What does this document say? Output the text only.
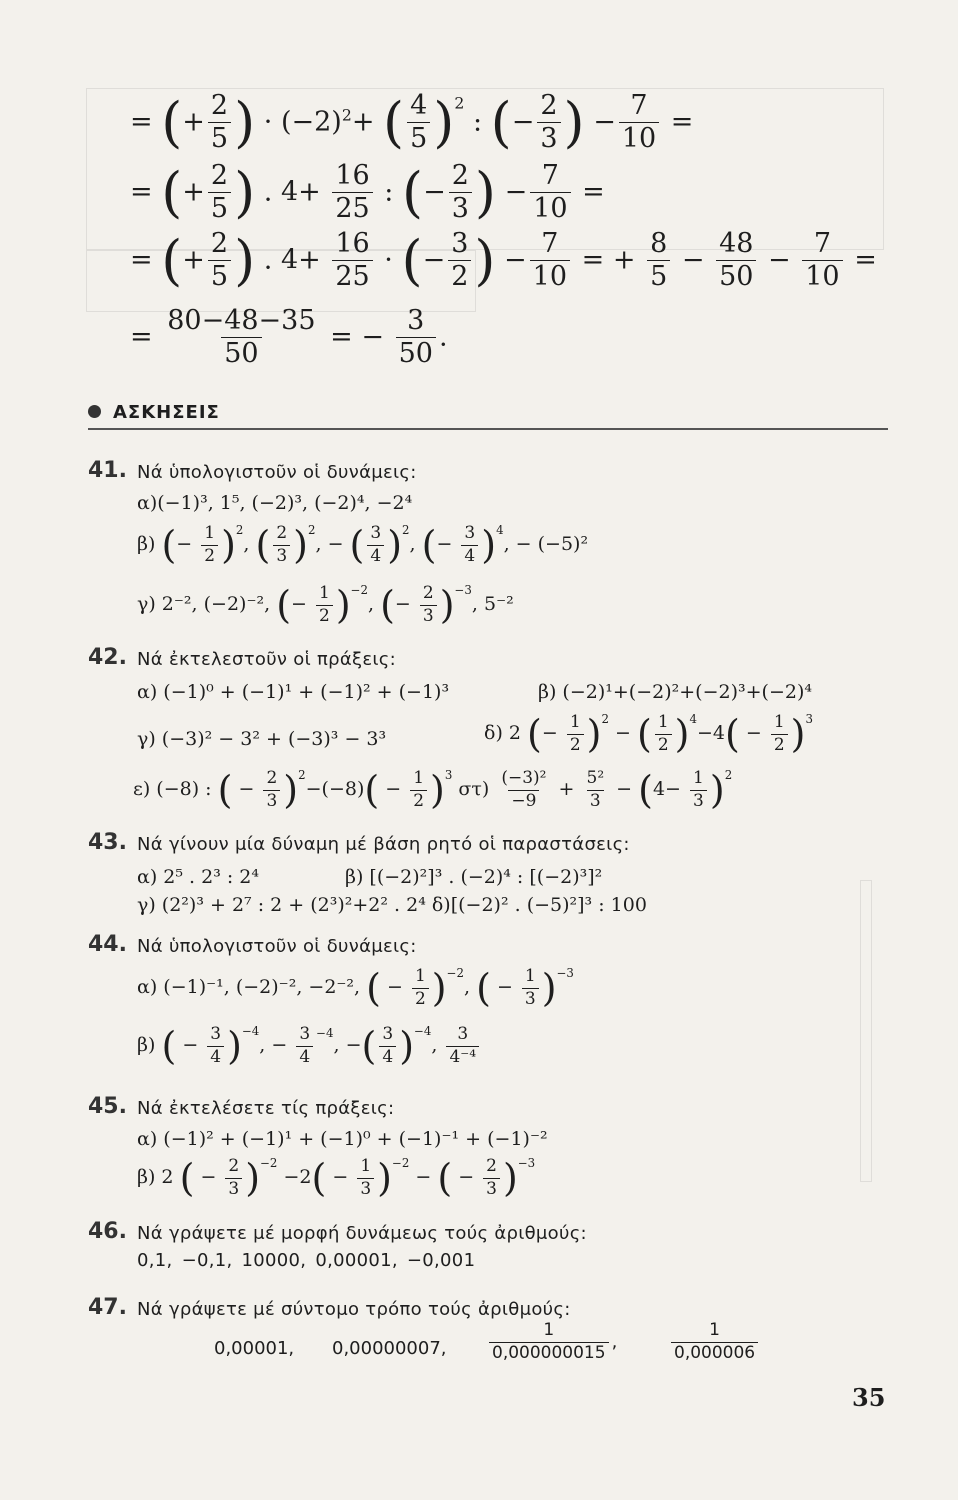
= (+ $\frac{2}{5}$ ) · $(-2)^2+$ ( $\frac{4}{5} )^2$ : (− $\frac{2}{3}$ ) − $\frac{7}{10}$ =
= (+ $\frac{2}{5}$ ) . $4+ \frac{16}{25}$ : (− $\frac{2}{3}$ ) − $\frac{7}{10}$ =
= (+ $\frac{2}{5}$ ) . $4+ \frac{16}{25}$ · (− $\frac{3}{2}$ ) − $\frac{7}{10}$ = + $\frac{8}{5} - \frac{48}{50} - \frac{7}{10}$ =
= $\frac{80-48-35}{50}$ = − $\frac{3}{50}$ .
ΑΣΚΗΣΕΙΣ
41. Νά ὑπολογιστοῦν οἱ δυνάμεις:
α)(−1)³, 1⁵, (−2)³, (−2)⁴, −2⁴
β) (− $\frac{1}{2} )^2$, ( $\frac{2}{3} )^2$, − ( $\frac{3}{4} )^2$, (− $\frac{3}{4} )^4$, − (−5)²
γ) 2⁻², (−2)⁻², (− $\frac{1}{2} )^{-2}$, (− $\frac{2}{3} )^{-3}$, 5⁻²
42. Νά ἐκτελεστοῦν οἱ πράξεις:
α) (−1)⁰ + (−1)¹ + (−1)² + (−1)³	β) (−2)¹+(−2)²+(−2)³+(−2)⁴
γ) (−3)² − 3² + (−3)³ − 3³	δ) 2 (− $\frac{1}{2} )^2$ − ( $\frac{1}{2} )^4-4( - \frac{1}{2} )^3$
ε) (−8) : ( − $\frac{2}{3} )^2-(-8)( - \frac{1}{2} )^3$ $\sigma\tau) \frac{\text{(−3)²}}{-9} + \frac{\text{5²}}{3} - (4- \frac{1}{3} )^2$
43. Νά γίνουν μία δύναμη μέ βάση ρητό οἱ παραστάσεις:
α) 2⁵ . 2³ : 2⁴	β) [(−2)²]³ . (−2)⁴ : [(−2)³]²
γ) (2²)³ + 2⁷ : 2 + (2³)²+2² . 2⁴ δ)[(−2)² . (−5)²]³ : 100
44. Νά ὑπολογιστοῦν οἱ δυνάμεις:
α) (−1)⁻¹, (−2)⁻², −2⁻², ( − $\frac{1}{2} )^{-2}$, ( − $\frac{1}{3} )^{-3}$
β) ( − $\frac{3}{4} )^{-4}$, − $\frac{3}{4} ^{-4}$, −( $\frac{3}{4} )^{-4}$, $\frac{3}{\text{4⁻⁴}}$
45. Νά ἐκτελέσετε τίς πράξεις:
α) (−1)² + (−1)¹ + (−1)⁰ + (−1)⁻¹ + (−1)⁻²
β) 2 ( − $\frac{2}{3} )^{-2} -2( - \frac{1}{3} )^{-2}$ − ( − $\frac{2}{3} )^{-3}$
46. Νά γράψετε μέ μορφή δυνάμεως τούς ἀριθμούς:
0,1, −0,1, 10000, 0,00001, −0,001
47. Νά γράψετε μέ σύντομο τρόπο τούς ἀριθμούς:
0,00001, 0,00000007, $\frac{1}{0,000000015}$ ,	$\frac{1}{0,000006}$
35
